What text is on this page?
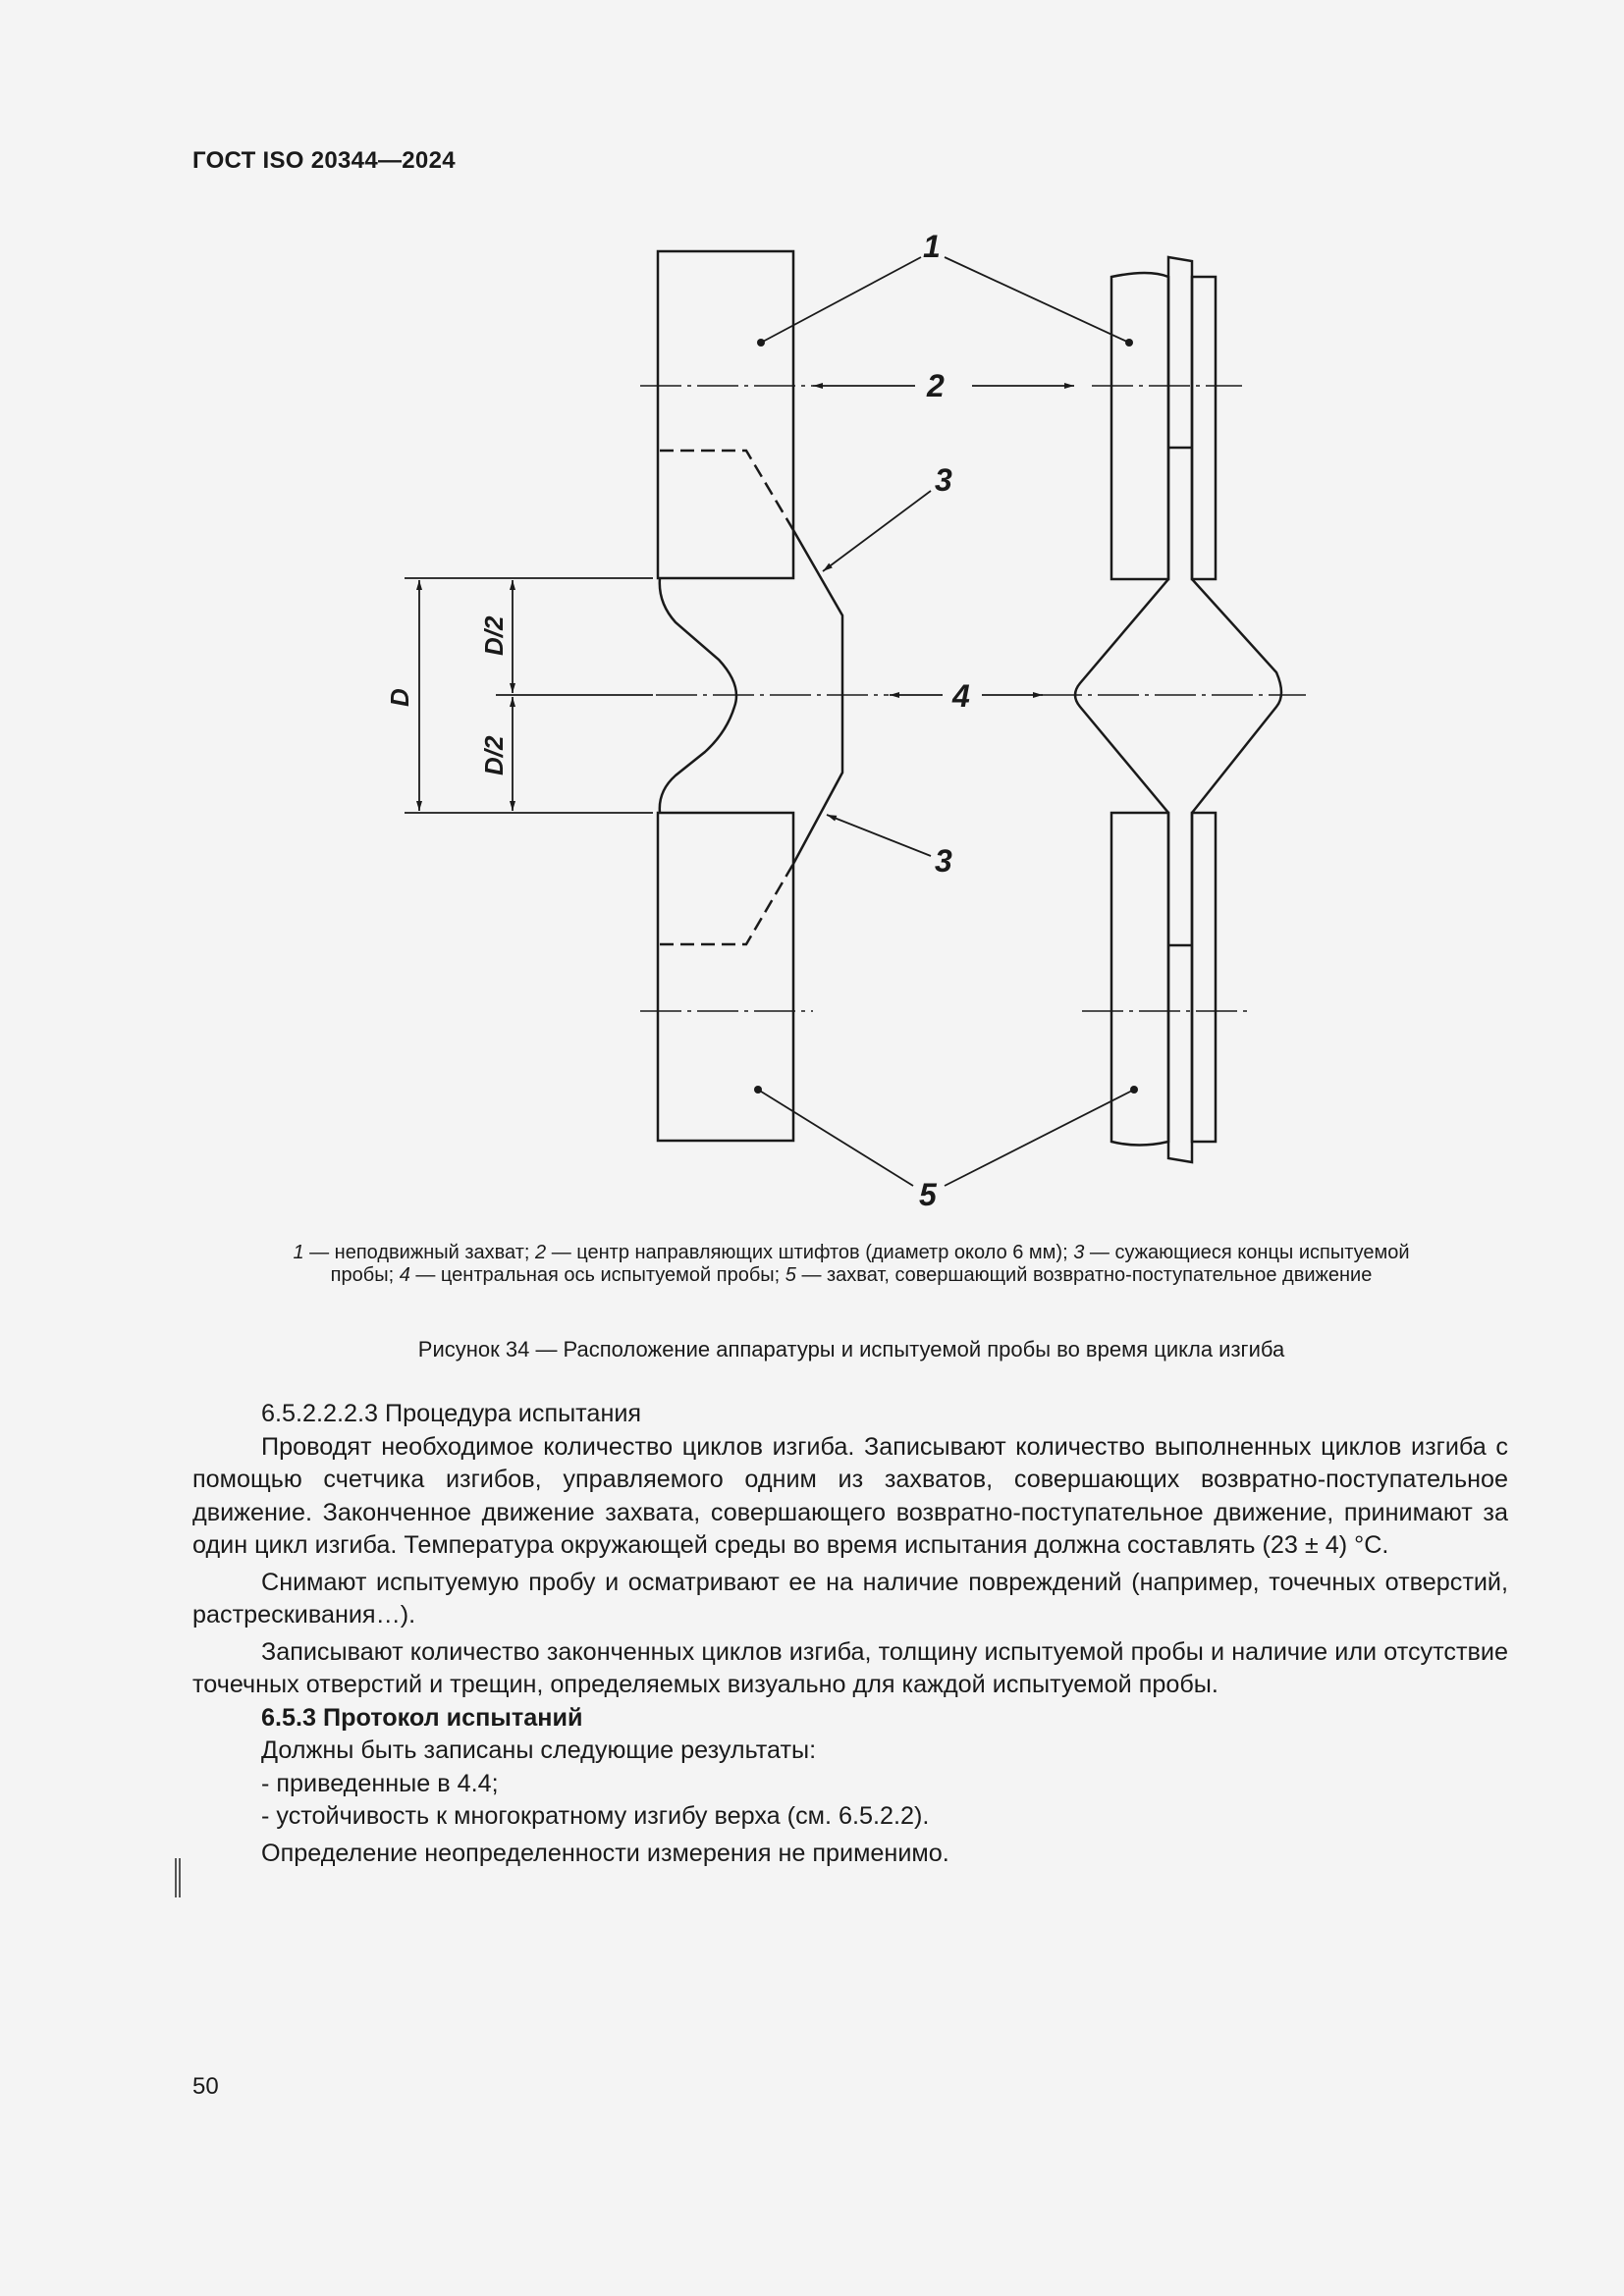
ГОСТ ISO 20344—2024
1
2
3
3
4
5
D
D/2
D/2
1 — неподвижный захват; 2 — центр направляющих штифтов (диаметр около 6 мм); 3 — сужающиеся концы испытуемой пробы; 4 — центральная ось испытуемой пробы; 5 — захват, совершающий возвратно-поступательное движение
Рисунок 34 — Расположение аппаратуры и испытуемой пробы во время цикла изгиба

6.5.2.2.2.3 Процедура испытания

Проводят необходимое количество циклов изгиба. Записывают количество выполненных циклов изгиба с помощью счетчика изгибов, управляемого одним из захватов, совершающих возвратно-поступательное движение. Законченное движение захвата, совершающего возвратно-поступательное движение, принимают за один цикл изгиба. Температура окружающей среды во время испытания должна составлять (23 ± 4) °C.

Снимают испытуемую пробу и осматривают ее на наличие повреждений (например, точечных отверстий, растрескивания…).

Записывают количество законченных циклов изгиба, толщину испытуемой пробы и наличие или отсутствие точечных отверстий и трещин, определяемых визуально для каждой испытуемой пробы.

6.5.3 Протокол испытаний

Должны быть записаны следующие результаты:

- приведенные в 4.4;

- устойчивость к многократному изгибу верха (см. 6.5.2.2).

Определение неопределенности измерения не применимо.

50
